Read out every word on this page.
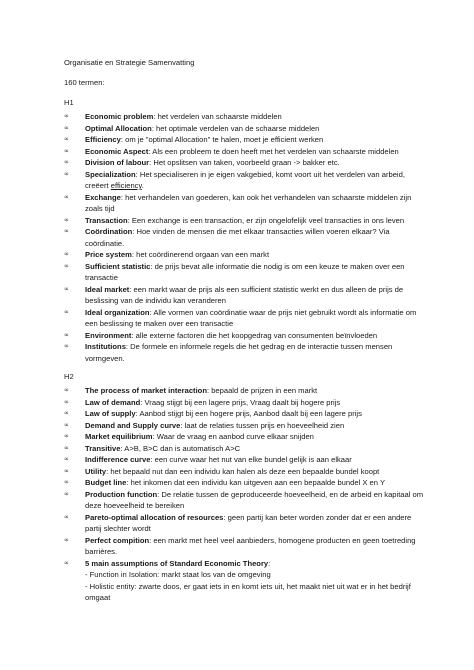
Organisatie en Strategie Samenvatting
160 termen:
H1
∝	Economic problem: het verdelen van schaarste middelen
∝	Optimal Allocation: het optimale verdelen van de schaarse middelen
∝	Efficiency: om je "optimal Allocation" te halen, moet je efficient werken
∝	Economic Aspect: Als een probleem te doen heeft met het verdelen van schaarste middelen
∝	Division of labour: Het opslitsen van taken, voorbeeld graan -> bakker etc.
∝	Specialization: Het specialiseren in je eigen vakgebied, komt voort uit het verdelen van arbeid, creëert efficiency.
∝	Exchange: het verhandelen van goederen, kan ook het verhandelen van schaarste middelen zijn zoals tijd
∝	Transaction: Een exchange is een transaction, er zijn ongelofelijk veel transacties in ons leven
∝	Coördination: Hoe vinden de mensen die met elkaar transacties willen voeren elkaar? Via coördinatie.
∝	Price system: het coördinerend orgaan van een markt
∝	Sufficient statistic: de prijs bevat alle informatie die nodig is om een keuze te maken over een transactie
∝	Ideal market: een markt waar de prijs als een sufficient statistic werkt en dus alleen de prijs de beslissing van de individu kan veranderen
∝	Ideal organization: Alle vormen van coördinatie waar de prijs niet gebruikt wordt als informatie om een beslissing te maken over een transactie
∝	Environment: alle externe factoren die het koopgedrag van consumenten beïnvloeden
∝	Institutions: De formele en informele regels die het gedrag en de interactie tussen mensen vormgeven.
H2
∝	The process of market interaction: bepaald de prijzen in een markt
∝	Law of demand: Vraag stijgt bij een lagere prijs, Vraag daalt bij hogere prijs
∝	Law of supply: Aanbod stijgt bij een hogere prijs, Aanbod daalt bij een lagere prijs
∝	Demand and Supply curve: laat de relaties tussen prijs en hoeveelheid zien
∝	Market equilibrium: Waar de vraag en aanbod curve elkaar snijden
∝	Transitive: A>B, B>C dan is automatisch A>C
∝	Indifference curve: een curve waar het nut van elke bundel gelijk is aan elkaar
∝	Utility: het bepaald nut dan een individu kan halen als deze een bepaalde bundel koopt
∝	Budget line: het inkomen dat een individu kan uitgeven aan een bepaalde bundel X en Y
∝	Production function: De relatie tussen de geproduceerde hoeveelheid, en de arbeid en kapitaal om deze hoeveelheid te bereiken
∝	Pareto-optimal allocation of resources: geen partij kan beter worden zonder dat er een andere partij slechter wordt
∝	Perfect compition: een markt met heel veel aanbieders, homogene producten en geen toetreding barrières.
∝	5 main assumptions of Standard Economic Theory:
- Function in Isolation: markt staat los van de omgeving
- Holistic entity: zwarte doos, er gaat iets in en komt iets uit, het maakt niet uit wat er in het bedrijf omgaat
